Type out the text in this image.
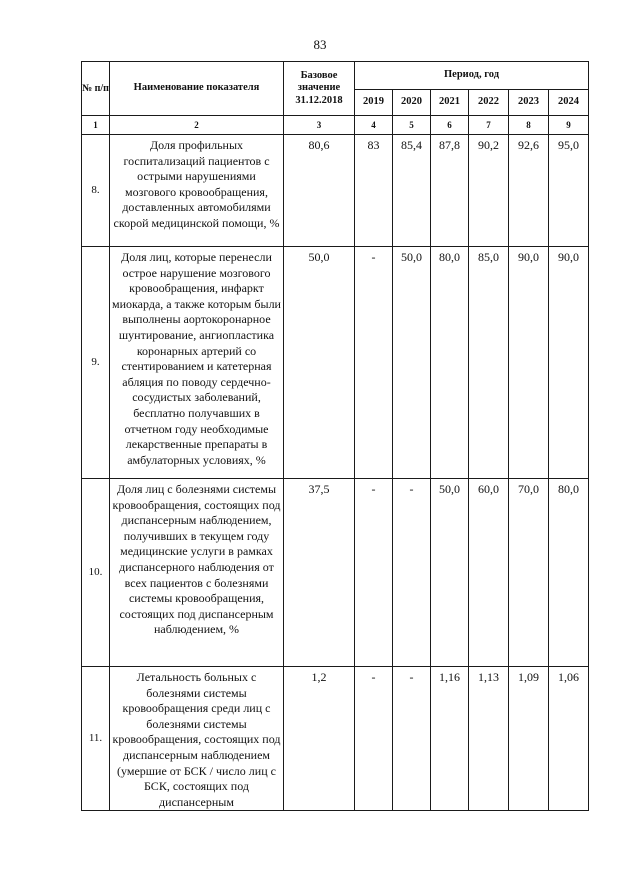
83
№ п/п	Наименование показателя	Базовое значение 31.12.2018	Период, год					
			2019	2020	2021	2022	2023	2024
1	2	3	4	5	6	7	8	9
8.	Доля профильных госпитализаций пациентов с острыми нарушениями мозгового кровообращения, доставленных автомобилями скорой медицинской помощи, %	80,6	83	85,4	87,8	90,2	92,6	95,0
9.	Доля лиц, которые перенесли острое нарушение мозгового кровообращения, инфаркт миокарда, а также которым были выполнены аортокоронарное шунтирование, ангиопластика коронарных артерий со стентированием и катетерная абляция по поводу сердечно-сосудистых заболеваний, бесплатно получавших в отчетном году необходимые лекарственные препараты в амбулаторных условиях, %	50,0	-	50,0	80,0	85,0	90,0	90,0
10.	Доля лиц с болезнями системы кровообращения, состоящих под диспансерным наблюдением, получивших в текущем году медицинские услуги в рамках диспансерного наблюдения от всех пациентов с болезнями системы кровообращения, состоящих под диспансерным наблюдением, %	37,5	-	-	50,0	60,0	70,0	80,0
11.	Летальность больных с болезнями системы кровообращения среди лиц с болезнями системы кровообращения, состоящих под диспансерным наблюдением (умершие от БСК / число лиц с БСК, состоящих под диспансерным	1,2	-	-	1,16	1,13	1,09	1,06
